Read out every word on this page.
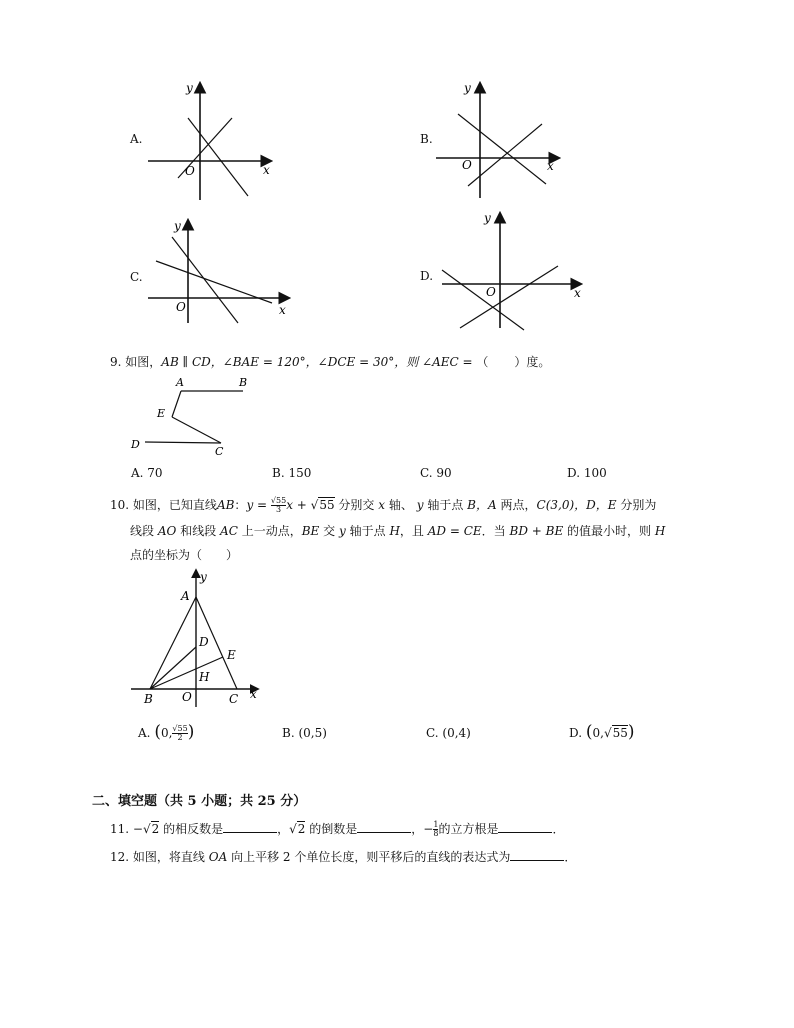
A.
y
x
O
B.
y
x
O
C.
y
x
O
D.
y
x
O
9. 如图，AB ∥ CD，∠BAE = 120°，∠DCE = 30°，则 ∠AEC = （ ）度。
A	B
E
D
C
A. 70	B. 150	C. 90	D. 100
10. 如图，已知直线AB：$y = \frac{√55}{3}$ x + √55 分别交 x 轴、 y 轴于点 B，A 两点，C(3,0)，D，E 分别为
线段 AO 和线段 AC 上一动点，BE 交 y 轴于点 H，且 AD = CE．当 BD + BE 的值最小时，则 H
点的坐标为（　　）
A
y
D
E
H
B O	C x
A. (0, $\frac{√55}{2}$ )	B. (0,5)	C. (0,4)	D. (0,√55)
二、填空题（共 5 小题；共 25 分）
11. −√2 的相反数是	，√2 的倒数是	，− $\frac{1}{8}$ 的立方根是	．
12. 如图，将直线 OA 向上平移 2 个单位长度，则平移后的直线的表达式为	．
